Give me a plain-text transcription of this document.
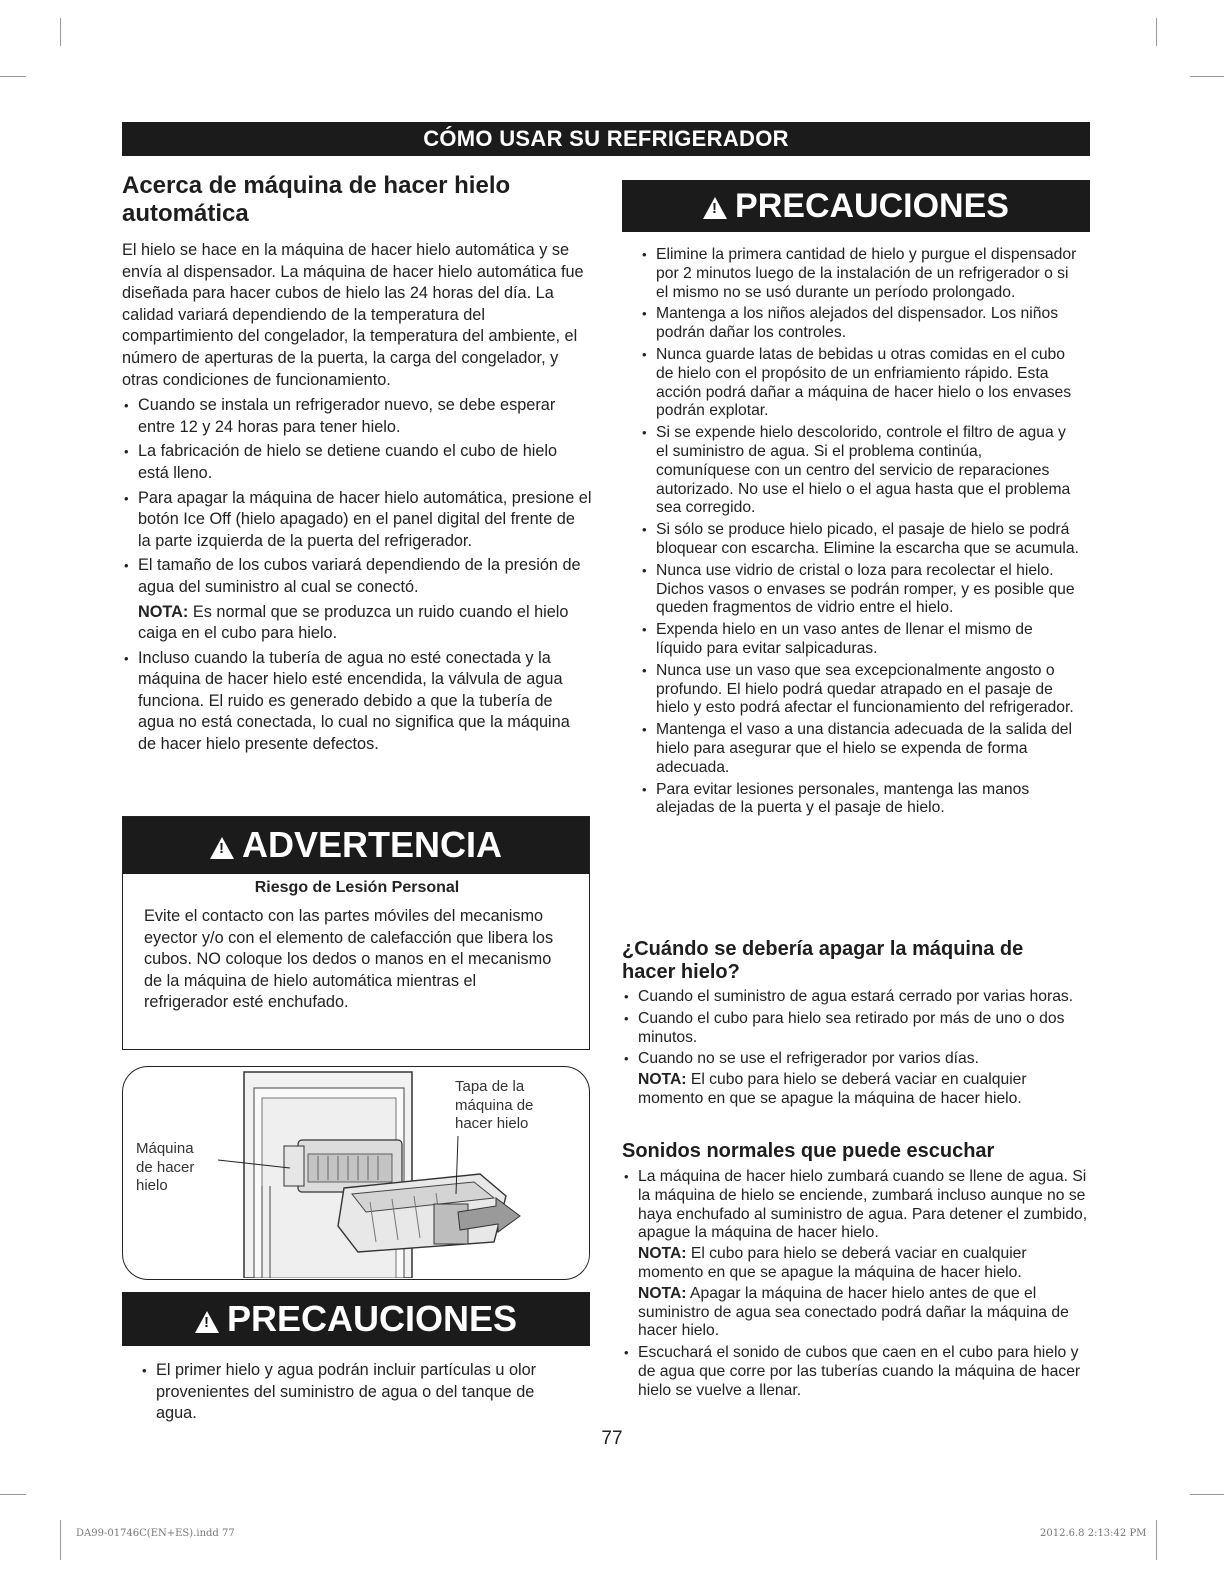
CÓMO USAR SU REFRIGERADOR
Acerca de máquina de hacer hielo automática

El hielo se hace en la máquina de hacer hielo automática y se envía al dispensador. La máquina de hacer hielo automática fue diseñada para hacer cubos de hielo las 24 horas del día. La calidad variará dependiendo de la temperatura del compartimiento del congelador, la temperatura del ambiente, el número de aperturas de la puerta, la carga del congelador, y otras condiciones de funcionamiento.

• Cuando se instala un refrigerador nuevo, se debe esperar entre 12 y 24 horas para tener hielo.
• La fabricación de hielo se detiene cuando el cubo de hielo está lleno.
• Para apagar la máquina de hacer hielo automática, presione el botón Ice Off (hielo apagado) en el panel digital del frente de la parte izquierda de la puerta del refrigerador.
• El tamaño de los cubos variará dependiendo de la presión de agua del suministro al cual se conectó.
NOTA: Es normal que se produzca un ruido cuando el hielo caiga en el cubo para hielo.
• Incluso cuando la tubería de agua no esté conectada y la máquina de hacer hielo esté encendida, la válvula de agua funciona. El ruido es generado debido a que la tubería de agua no está conectada, lo cual no significa que la máquina de hacer hielo presente defectos.
!ADVERTENCIA
Riesgo de Lesión Personal

Evite el contacto con las partes móviles del mecanismo eyector y/o con el elemento de calefacción que libera los cubos. NO coloque los dedos o manos en el mecanismo de la máquina de hielo automática mientras el refrigerador esté enchufado.

Máquina de hacer hielo
Tapa de la máquina de hacer hielo
!PRECAUCIONES
• El primer hielo y agua podrán incluir partículas u olor provenientes del suministro de agua o del tanque de agua.
!PRECAUCIONES
• Elimine la primera cantidad de hielo y purgue el dispensador por 2 minutos luego de la instalación de un refrigerador o si el mismo no se usó durante un período prolongado.
• Mantenga a los niños alejados del dispensador. Los niños podrán dañar los controles.
• Nunca guarde latas de bebidas u otras comidas en el cubo de hielo con el propósito de un enfriamiento rápido. Esta acción podrá dañar a máquina de hacer hielo o los envases podrán explotar.
• Si se expende hielo descolorido, controle el filtro de agua y el suministro de agua. Si el problema continúa, comuníquese con un centro del servicio de reparaciones autorizado. No use el hielo o el agua hasta que el problema sea corregido.
• Si sólo se produce hielo picado, el pasaje de hielo se podrá bloquear con escarcha. Elimine la escarcha que se acumula.
• Nunca use vidrio de cristal o loza para recolectar el hielo. Dichos vasos o envases se podrán romper, y es posible que queden fragmentos de vidrio entre el hielo.
• Expenda hielo en un vaso antes de llenar el mismo de líquido para evitar salpicaduras.
• Nunca use un vaso que sea excepcionalmente angosto o profundo. El hielo podrá quedar atrapado en el pasaje de hielo y esto podrá afectar el funcionamiento del refrigerador.
• Mantenga el vaso a una distancia adecuada de la salida del hielo para asegurar que el hielo se expenda de forma adecuada.
• Para evitar lesiones personales, mantenga las manos alejadas de la puerta y el pasaje de hielo.
¿Cuándo se debería apagar la máquina de hacer hielo?
• Cuando el suministro de agua estará cerrado por varias horas.
• Cuando el cubo para hielo sea retirado por más de uno o dos minutos.
• Cuando no se use el refrigerador por varios días.
NOTA: El cubo para hielo se deberá vaciar en cualquier momento en que se apague la máquina de hacer hielo.
Sonidos normales que puede escuchar
• La máquina de hacer hielo zumbará cuando se llene de agua. Si la máquina de hielo se enciende, zumbará incluso aunque no se haya enchufado al suministro de agua. Para detener el zumbido, apague la máquina de hacer hielo.
NOTA: El cubo para hielo se deberá vaciar en cualquier momento en que se apague la máquina de hacer hielo.
NOTA: Apagar la máquina de hacer hielo antes de que el suministro de agua sea conectado podrá dañar la máquina de hacer hielo.
• Escuchará el sonido de cubos que caen en el cubo para hielo y de agua que corre por las tuberías cuando la máquina de hacer hielo se vuelve a llenar.
77
DA99-01746C(EN+ES).indd 77	2012.6.8 2:13:42 PM
